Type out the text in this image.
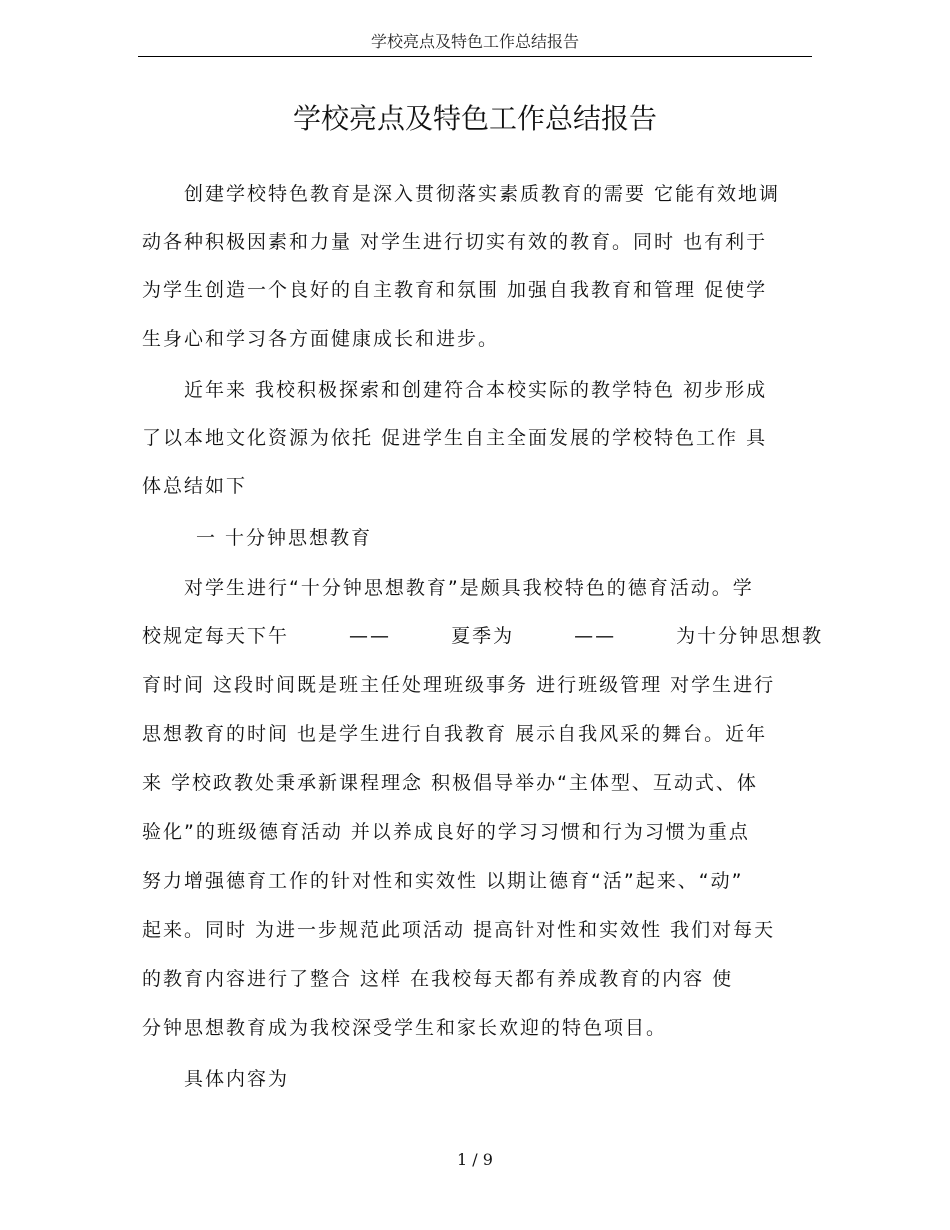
学校亮点及特色工作总结报告
学校亮点及特色工作总结报告
创建学校特色教育是深入贯彻落实素质教育的需要 它能有效地调
动各种积极因素和力量 对学生进行切实有效的教育。同时 也有利于
为学生创造一个良好的自主教育和氛围 加强自我教育和管理 促使学
生身心和学习各方面健康成长和进步。
近年来 我校积极探索和创建符合本校实际的教学特色 初步形成
了以本地文化资源为依托 促进学生自主全面发展的学校特色工作 具
体总结如下
一 十分钟思想教育
对学生进行“十分钟思想教育”是颇具我校特色的德育活动。学
校规定每天下午 —— 夏季为 —— 为十分钟思想教
育时间 这段时间既是班主任处理班级事务 进行班级管理 对学生进行
思想教育的时间 也是学生进行自我教育 展示自我风采的舞台。近年
来 学校政教处秉承新课程理念 积极倡导举办“主体型、互动式、体
验化”的班级德育活动 并以养成良好的学习习惯和行为习惯为重点
努力增强德育工作的针对性和实效性 以期让德育“活”起来、“动”
起来。同时 为进一步规范此项活动 提高针对性和实效性 我们对每天
的教育内容进行了整合 这样 在我校每天都有养成教育的内容 使
分钟思想教育成为我校深受学生和家长欢迎的特色项目。
具体内容为
1 / 9
